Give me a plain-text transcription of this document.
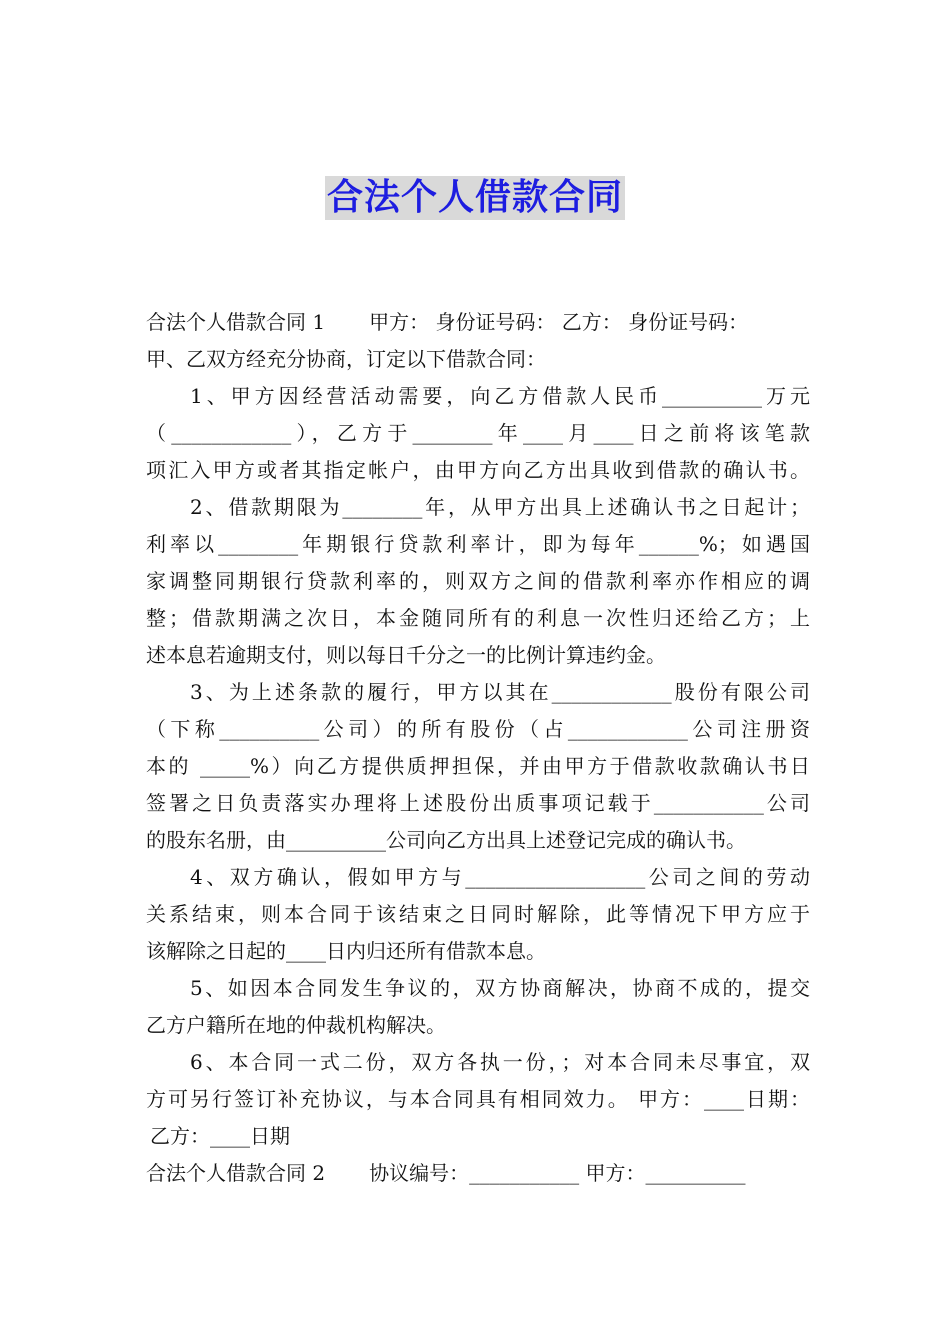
合法个人借款合同
合法个人借款合同 1 甲方： 身份证号码： 乙方： 身份证号码：
甲、乙双方经充分协商，订定以下借款合同：
1、甲方因经营活动需要，向乙方借款人民币__________万元
（____________），乙方于________年____月____日之前将该笔款
项汇入甲方或者其指定帐户，由甲方向乙方出具收到借款的确认书。
2、借款期限为________年，从甲方出具上述确认书之日起计；
利率以________年期银行贷款利率计，即为每年______%；如遇国
家调整同期银行贷款利率的，则双方之间的借款利率亦作相应的调
整；借款期满之次日，本金随同所有的利息一次性归还给乙方；上
述本息若逾期支付，则以每日千分之一的比例计算违约金。
3、为上述条款的履行，甲方以其在____________股份有限公司
（下称__________公司）的所有股份（占____________公司注册资
本的 _____%）向乙方提供质押担保，并由甲方于借款收款确认书日
签署之日负责落实办理将上述股份出质事项记载于___________公司
的股东名册，由__________公司向乙方出具上述登记完成的确认书。
4、双方确认，假如甲方与__________________公司之间的劳动
关系结束，则本合同于该结束之日同时解除，此等情况下甲方应于
该解除之日起的____日内归还所有借款本息。
5、如因本合同发生争议的，双方协商解决，协商不成的，提交
乙方户籍所在地的仲裁机构解决。
6、本合同一式二份，双方各执一份，；对本合同未尽事宜，双
方可另行签订补充协议，与本合同具有相同效力。 甲方：____日期：
乙方：____日期
合法个人借款合同 2 协议编号：___________ 甲方：__________
